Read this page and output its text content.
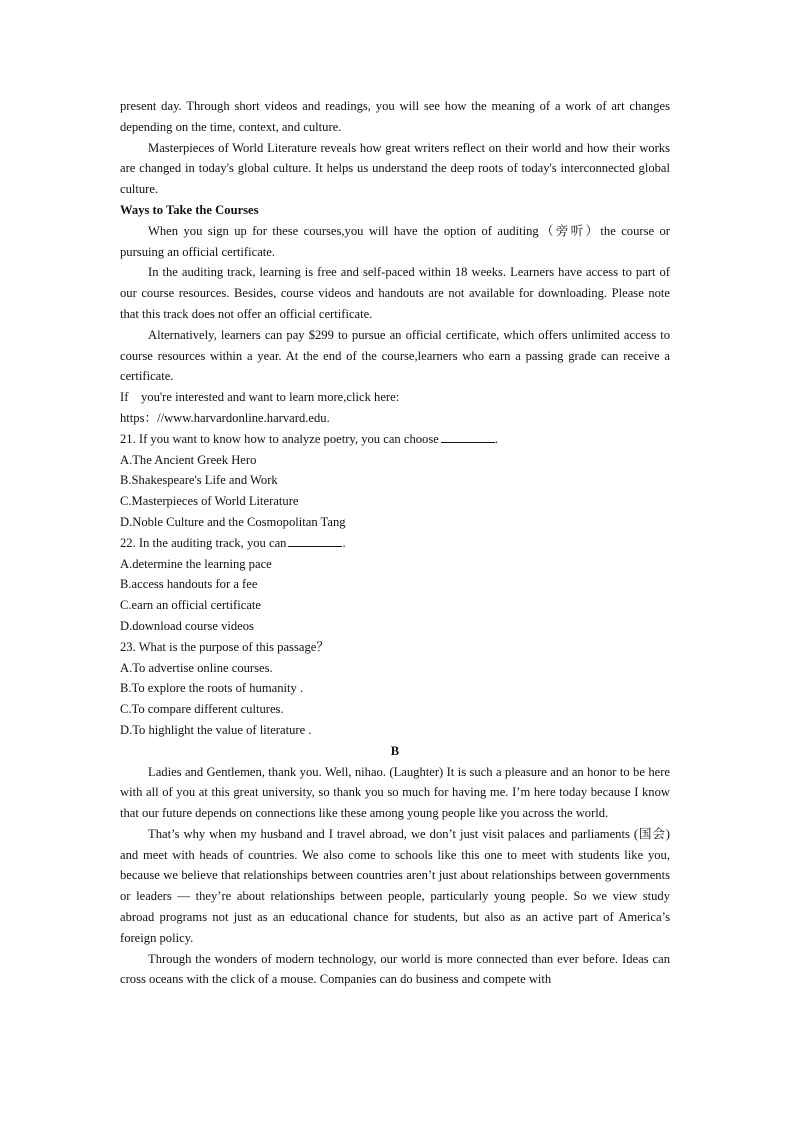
present day. Through short videos and readings, you will see how the meaning of a work of art changes depending on the time, context, and culture.

Masterpieces of World Literature reveals how great writers reflect on their world and how their works are changed in today's global culture. It helps us understand the deep roots of today's interconnected global culture.

Ways to Take the Courses

When you sign up for these courses,you will have the option of auditing（旁听）the course or pursuing an official certificate.

In the auditing track, learning is free and self-paced within 18 weeks. Learners have access to part of our course resources. Besides, course videos and handouts are not available for downloading. Please note that this track does not offer an official certificate.

Alternatively, learners can pay $299 to pursue an official certificate, which offers unlimited access to course resources within a year. At the end of the course,learners who earn a passing grade can receive a certificate.

If    you're interested and want to learn more,click here:

https：//www.harvardonline.harvard.edu.

21. If you want to know how to analyze poetry, you can choose	.

A.The Ancient Greek Hero

B.Shakespeare's Life and Work

C.Masterpieces of World Literature

D.Noble Culture and the Cosmopolitan Tang

22. In the auditing track, you can	.

A.determine the learning pace

B.access handouts for a fee

C.earn an official certificate

D.download course videos

23. What is the purpose of this passage？

A.To advertise online courses.

B.To explore the roots of humanity .

C.To compare different cultures.

D.To highlight the value of literature .

B

Ladies and Gentlemen, thank you. Well, nihao. (Laughter) It is such a pleasure and an honor to be here with all of you at this great university, so thank you so much for having me. I’m here today because I know that our future depends on connections like these among young people like you across the world.

That’s why when my husband and I travel abroad, we don’t just visit palaces and parliaments (国会) and meet with heads of countries. We also come to schools like this one to meet with students like you, because we believe that relationships between countries aren’t just about relationships between governments or leaders — they’re about relationships between people, particularly young people. So we view study abroad programs not just as an educational chance for students, but also as an active part of America’s foreign policy.

Through the wonders of modern technology, our world is more connected than ever before. Ideas can cross oceans with the click of a mouse. Companies can do business and compete with
